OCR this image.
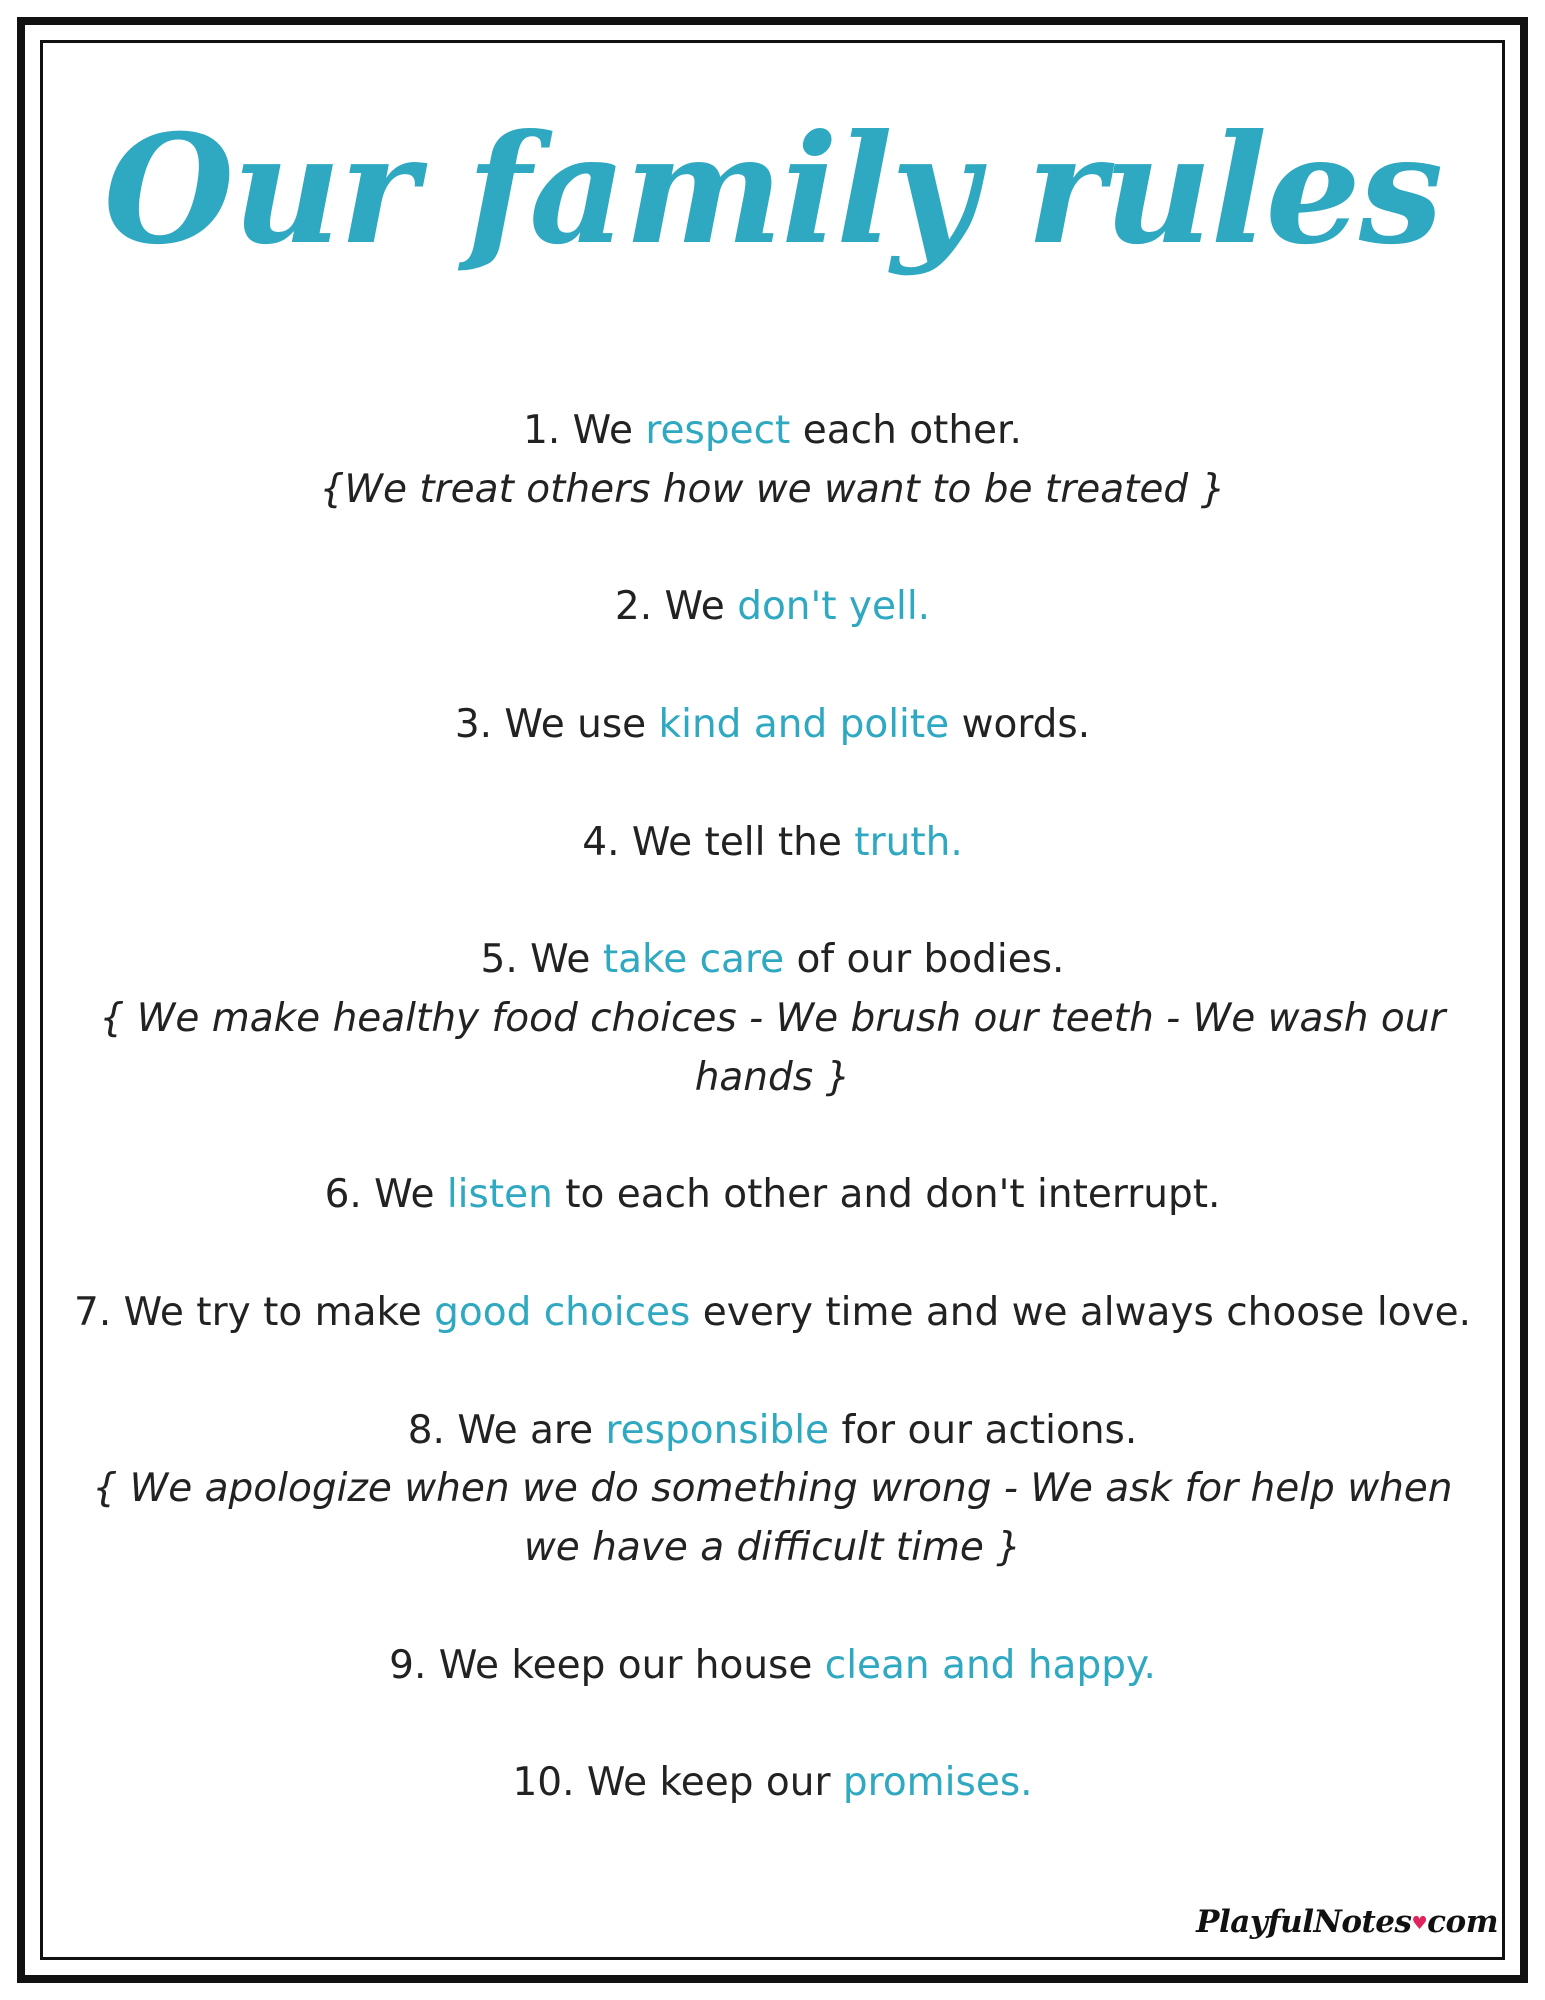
Our family rules
1. We respect each other.
{We treat others how we want to be treated }
2. We don't yell.
3. We use kind and polite words.
4. We tell the truth.
5. We take care of our bodies.
{ We make healthy food choices - We brush our teeth - We wash our hands }
6. We listen to each other and don't interrupt.
7. We try to make good choices every time and we always choose love.
8. We are responsible for our actions.
{ We apologize when we do something wrong - We ask for help when we have a difficult time }
9. We keep our house clean and happy.
10. We keep our promises.
PlayfulNotes♥com
